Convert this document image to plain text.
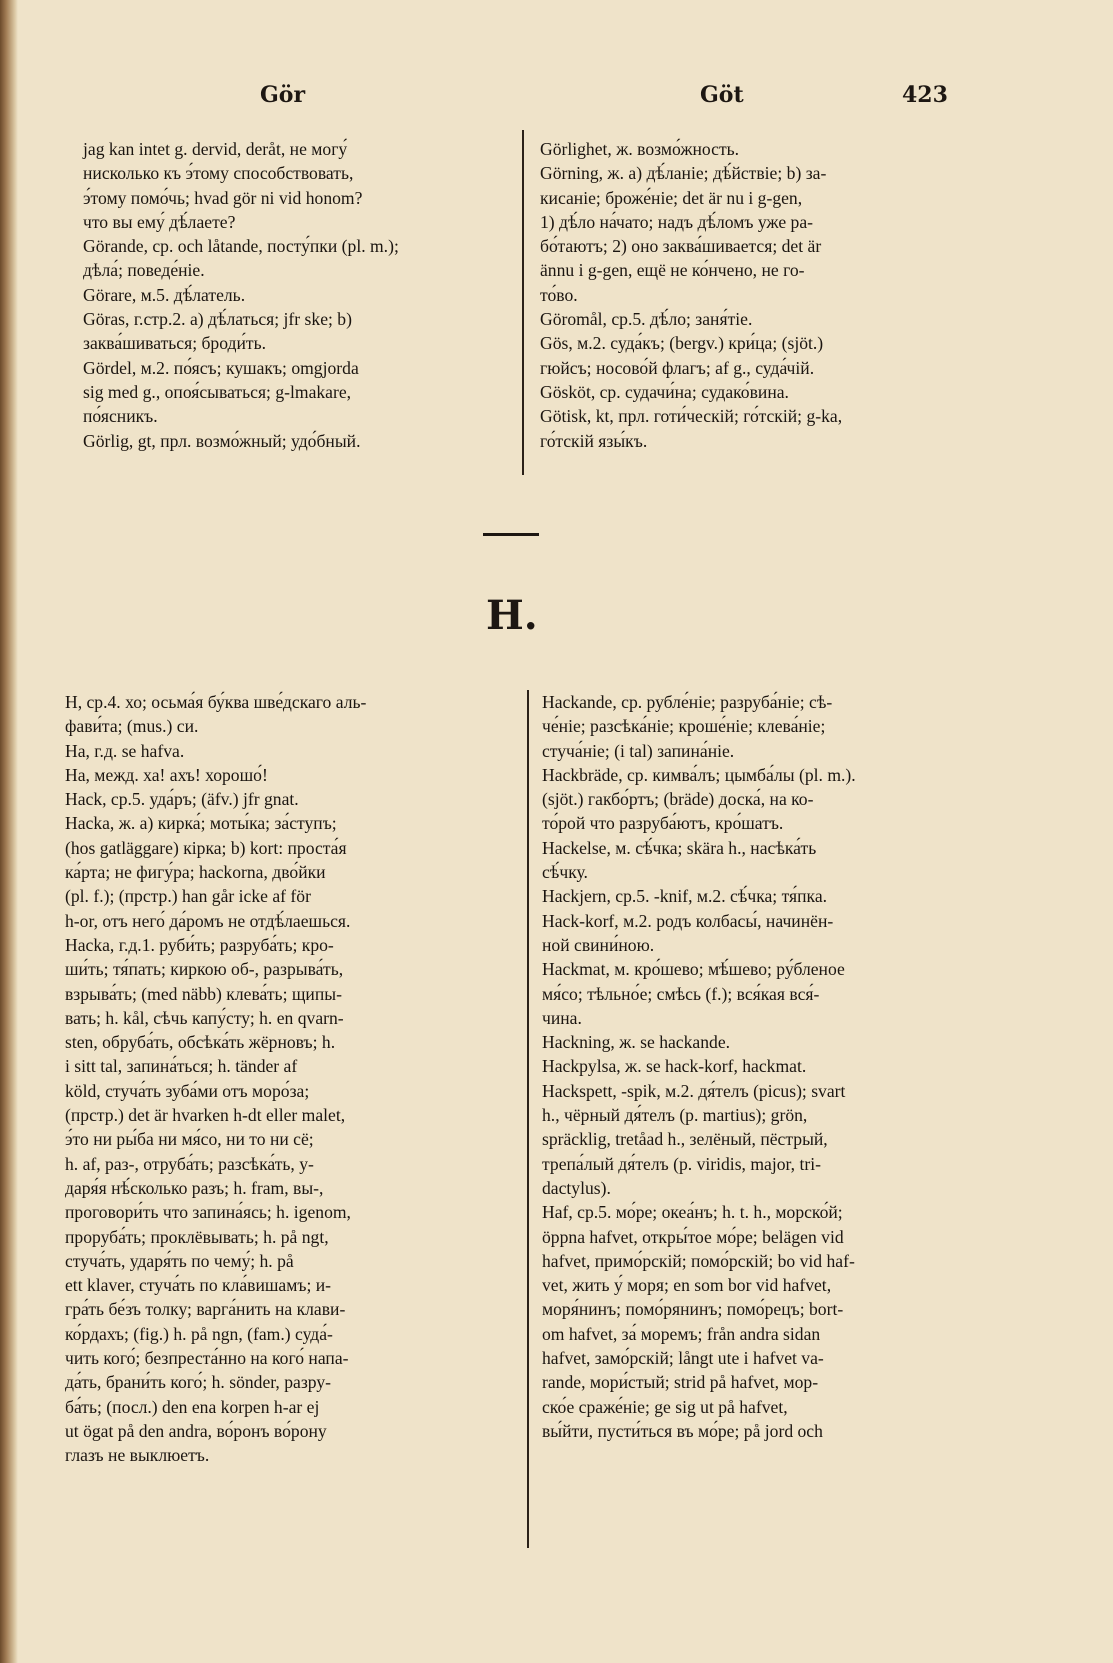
Gör	Göt	423

jag kan intet g. dervid, deråt, не могу́

нисколько къ э́тому способствовать,

э́тому помо́чь; hvad gör ni vid honom?

что вы ему́ дѣ́лаете?

Görande, ср. och låtande, посту́пки (pl. m.);

дѣла́; поведе́ніе.

Görare, м.5. дѣ́латель.

Göras, г.стр.2. а) дѣ́латься; jfr ske; b)

заква́шиваться; броди́ть.

Gördel, м.2. по́ясъ; кушакъ; omgjorda

sig med g., опоя́сываться; g-lmakare,

по́ясникъ.

Görlig, gt, прл. возмо́жный; удо́бный.

Görlighet, ж. возмо́жность.

Görning, ж. а) дѣ́ланіе; дѣ́йствіе; b) за-

кисаніе; броже́ніе; det är nu i g-gen,

1) дѣ́ло на́чато; надъ дѣ́ломъ уже ра-

бо́таютъ; 2) оно заква́шивается; det är

ännu i g-gen, ещё не ко́нчено, не го-

то́во.

Göromål, ср.5. дѣ́ло; заня́тіе.

Gös, м.2. суда́къ; (bergv.) кри́ца; (sjöt.)

гюйсъ; носово́й флагъ; af g., суда́чій.

Gösköt, ср. судачи́на; судако́вина.

Götisk, kt, прл. готи́ческій; го́тскій; g-ka,

го́тскій язы́къ.

H.

H, ср.4. хо; осьма́я бу́ква шве́дскаго аль-

фави́та; (mus.) си.

Ha, г.д. se hafva.

Ha, межд. ха! ахъ! хорошо́!

Hack, ср.5. уда́ръ; (äfv.) jfr gnat.

Hacka, ж. а) кирка́; моты́ка; за́ступъ;

(hos gatläggare) кірка; b) kort: проста́я

ка́рта; не фигу́ра; hackorna, дво́йки

(pl. f.); (прстр.) han går icke af för

h-or, отъ него́ да́ромъ не отдѣ́лаешься.

Hacka, г.д.1. руби́ть; разруба́ть; кро-

ши́ть; тя́пать; киркою об-, разрыва́ть,

взрыва́ть; (med näbb) клева́ть; щипы-

вать; h. kål, сѣчь капу́сту; h. en qvarn-

sten, обруба́ть, обсѣка́ть жёрновъ; h.

i sitt tal, запина́ться; h. tänder af

köld, стуча́ть зуба́ми отъ моро́за;

(прстр.) det är hvarken h-dt eller malet,

э́то ни ры́ба ни мя́со, ни то ни сё;

h. af, раз-, отруба́ть; разсѣка́ть, у-

даря́я нѣ́сколько разъ; h. fram, вы-,

проговори́ть что запина́ясь; h. igenom,

проруба́ть; проклёвывать; h. på ngt,

стуча́ть, ударя́ть по чему́; h. på

ett klaver, стуча́ть по кла́вишамъ; и-

гра́ть бе́зъ толку; варга́нить на клави-

ко́рдахъ; (fig.) h. på ngn, (fam.) суда́-

чить кого́; безпреста́нно на кого́ напа-

да́ть, брани́ть кого́; h. sönder, разру-

ба́ть; (посл.) den ena korpen h-ar ej

ut ögat på den andra, во́ронъ во́рону

глазъ не выклюетъ.

Hackande, ср. рубле́ніе; разруба́ніе; сѣ-

че́ніе; разсѣка́ніе; кроше́ніе; клева́ніе;

стуча́ніе; (i tal) запина́ніе.

Hackbräde, ср. кимва́лъ; цымба́лы (pl. m.).

(sjöt.) гакбо́ртъ; (bräde) доска́, на ко-

то́рой что разруба́ютъ, кро́шатъ.

Hackelse, м. сѣ́чка; skära h., насѣка́ть

сѣ́чку.

Hackjern, ср.5. -knif, м.2. сѣ́чка; тя́пка.

Hack-korf, м.2. родъ колбасы́, начинён-

ной свини́ною.

Hackmat, м. кро́шево; мѣ́шево; ру́бленое

мя́со; тѣльно́е; смѣсь (f.); вся́кая вся́-

чина.

Hackning, ж. se hackande.

Hackpylsa, ж. se hack-korf, hackmat.

Hackspett, -spik, м.2. дя́телъ (picus); svart

h., чёрный дя́телъ (p. martius); grön,

spräcklig, tretåad h., зелёный, пёстрый,

трепа́лый дя́телъ (p. viridis, major, tri-

dactylus).

Haf, ср.5. мо́ре; океа́нъ; h. t. h., морско́й;

öppna hafvet, откры́тое мо́ре; belägen vid

hafvet, примо́рскій; помо́рскій; bo vid haf-

vet, жить у́ моря; en som bor vid hafvet,

моря́нинъ; помо́рянинъ; помо́рецъ; bort-

om hafvet, за́ моремъ; från andra sidan

hafvet, замо́рскій; långt ute i hafvet va-

rande, мори́стый; strid på hafvet, мор-

ско́е сраже́ніе; ge sig ut på hafvet,

вы́йти, пусти́ться въ мо́ре; på jord och
